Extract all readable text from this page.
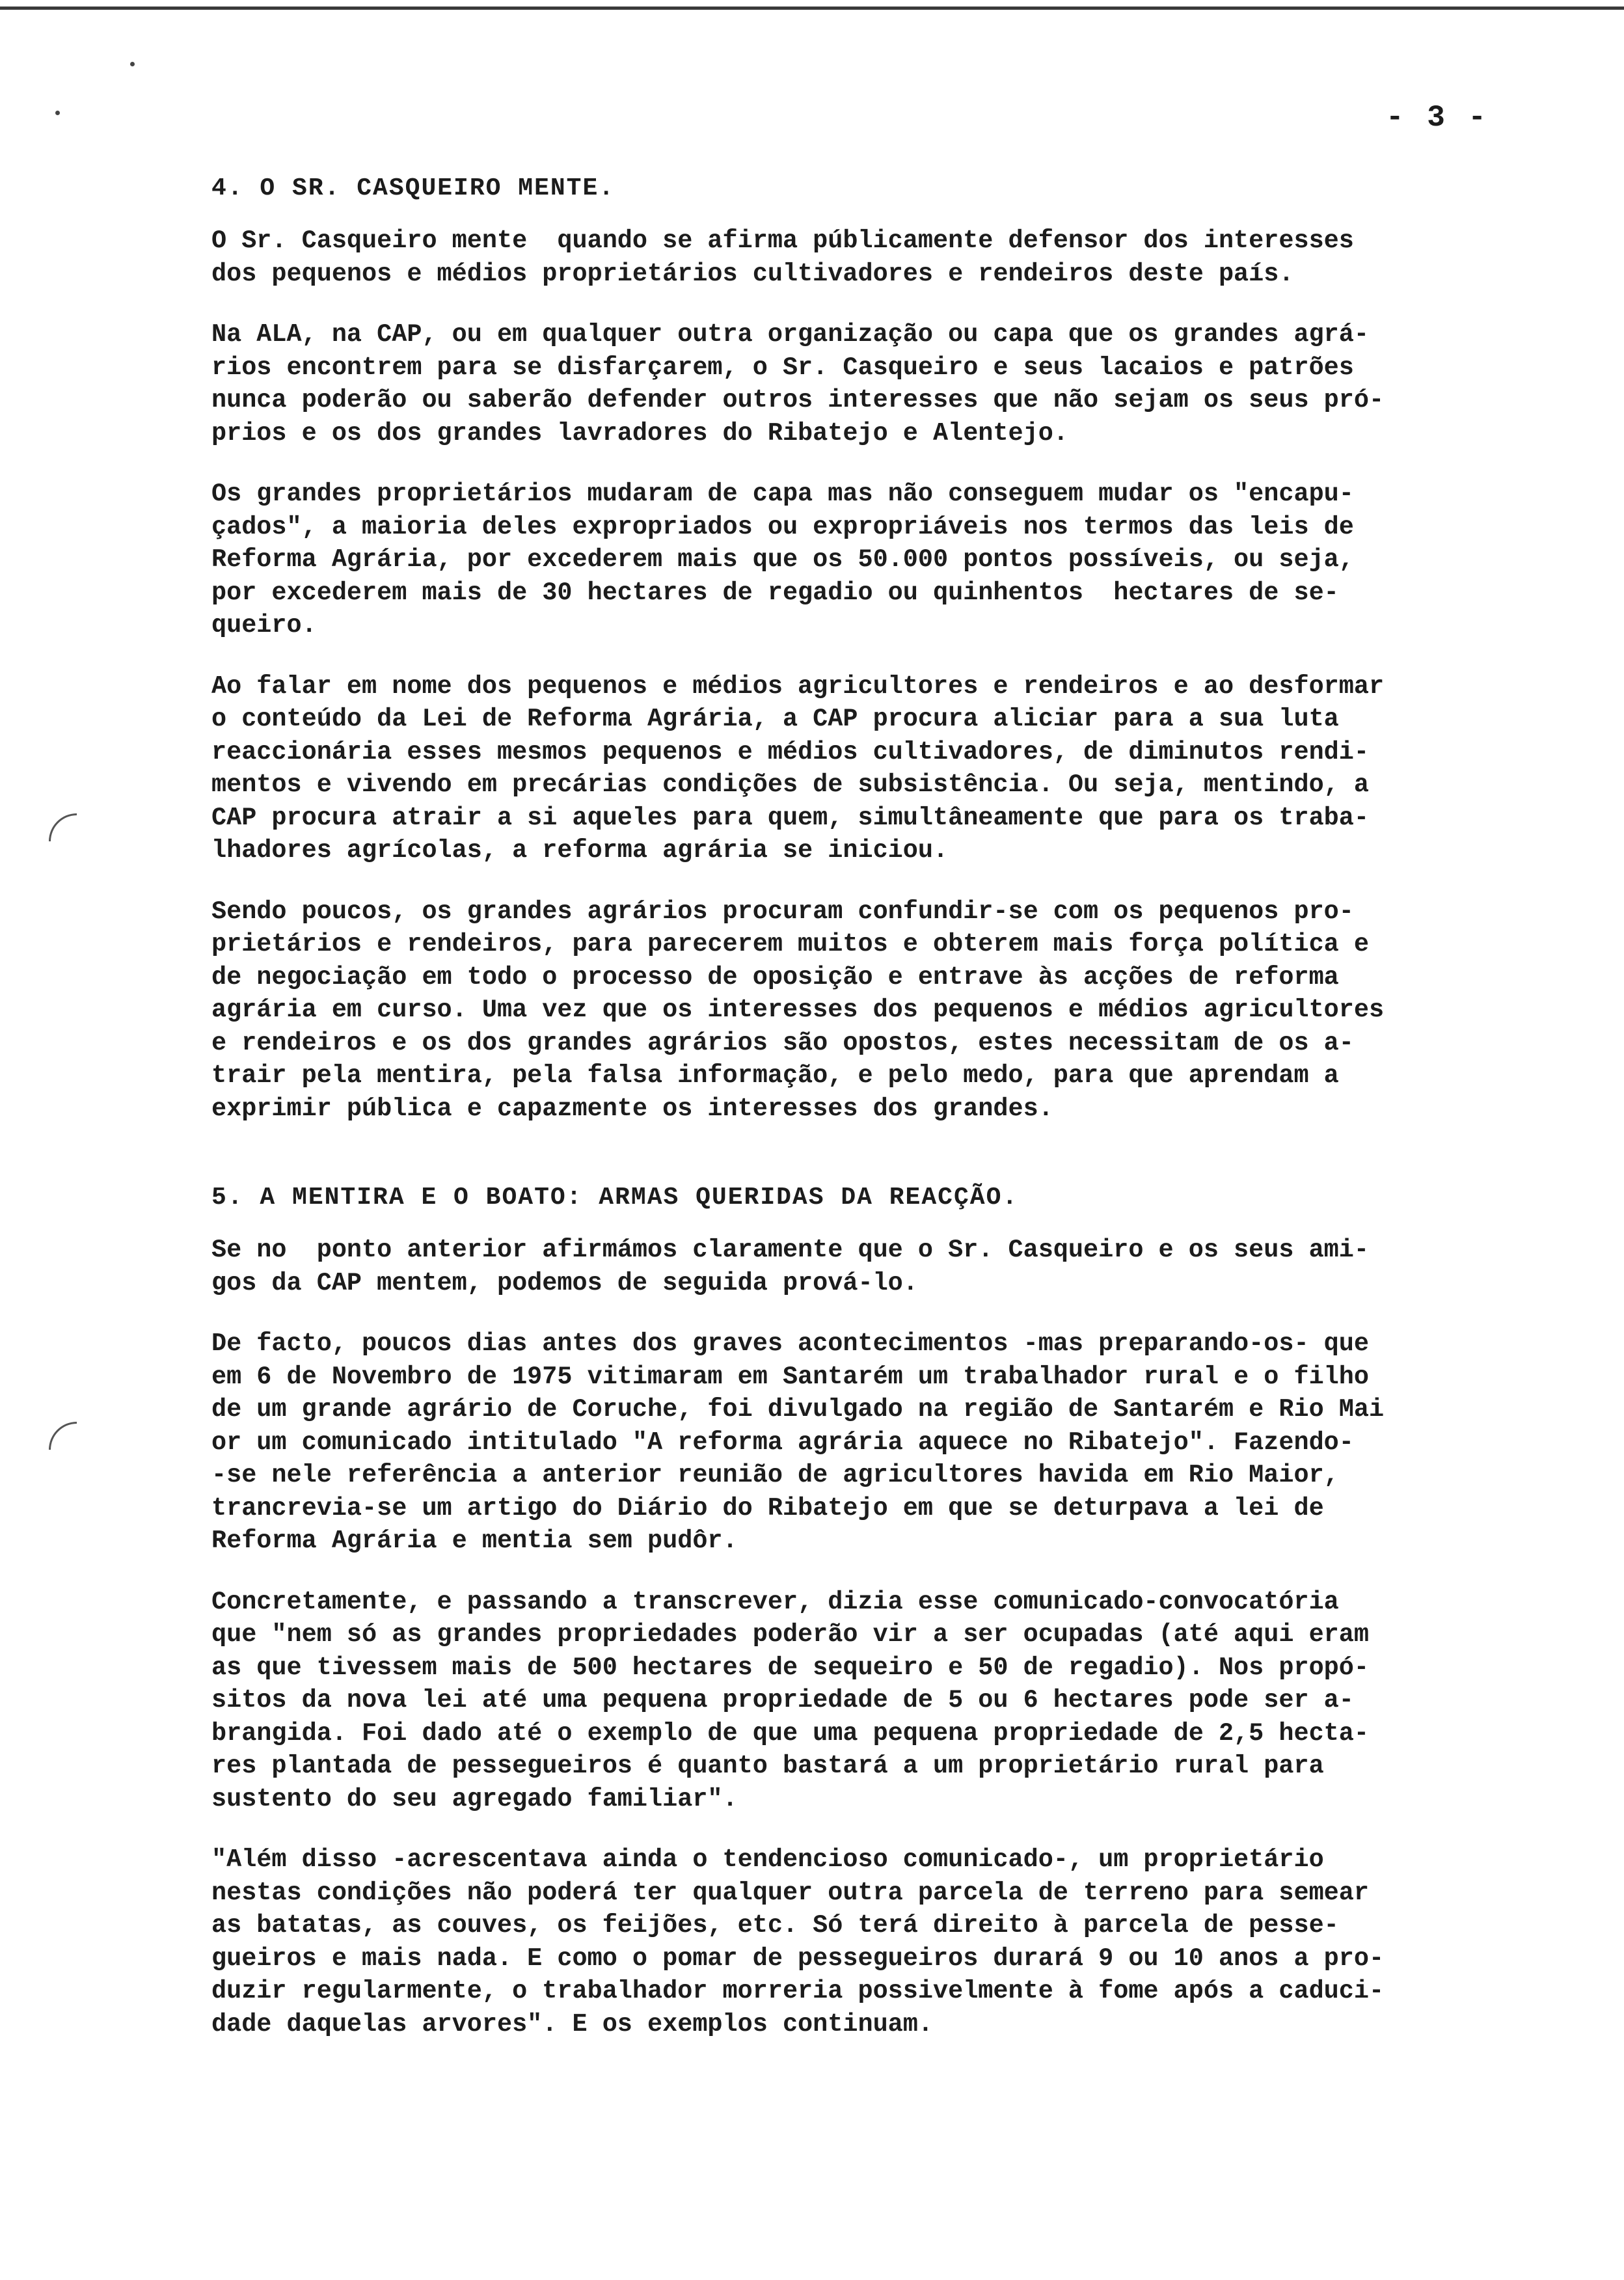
- 3 -
4. O SR. CASQUEIRO MENTE.
O Sr. Casqueiro mente  quando se afirma públicamente defensor dos interesses
dos pequenos e médios proprietários cultivadores e rendeiros deste país.
Na ALA, na CAP, ou em qualquer outra organização ou capa que os grandes agrá-
rios encontrem para se disfarçarem, o Sr. Casqueiro e seus lacaios e patrões
nunca poderão ou saberão defender outros interesses que não sejam os seus pró-
prios e os dos grandes lavradores do Ribatejo e Alentejo.
Os grandes proprietários mudaram de capa mas não conseguem mudar os "encapu-
çados", a maioria deles expropriados ou expropriáveis nos termos das leis de
Reforma Agrária, por excederem mais que os 50.000 pontos possíveis, ou seja,
por excederem mais de 30 hectares de regadio ou quinhentos  hectares de se-
queiro.
Ao falar em nome dos pequenos e médios agricultores e rendeiros e ao desformar
o conteúdo da Lei de Reforma Agrária, a CAP procura aliciar para a sua luta
reaccionária esses mesmos pequenos e médios cultivadores, de diminutos rendi-
mentos e vivendo em precárias condições de subsistência. Ou seja, mentindo, a
CAP procura atrair a si aqueles para quem, simultâneamente que para os traba-
lhadores agrícolas, a reforma agrária se iniciou.
Sendo poucos, os grandes agrários procuram confundir-se com os pequenos pro-
prietários e rendeiros, para parecerem muitos e obterem mais força política e
de negociação em todo o processo de oposição e entrave às acções de reforma
agrária em curso. Uma vez que os interesses dos pequenos e médios agricultores
e rendeiros e os dos grandes agrários são opostos, estes necessitam de os a-
trair pela mentira, pela falsa informação, e pelo medo, para que aprendam a
exprimir pública e capazmente os interesses dos grandes.
5. A MENTIRA E O BOATO: ARMAS QUERIDAS DA REACÇÃO.
Se no  ponto anterior afirmámos claramente que o Sr. Casqueiro e os seus ami-
gos da CAP mentem, podemos de seguida prová-lo.
De facto, poucos dias antes dos graves acontecimentos -mas preparando-os- que
em 6 de Novembro de 1975 vitimaram em Santarém um trabalhador rural e o filho
de um grande agrário de Coruche, foi divulgado na região de Santarém e Rio Mai
or um comunicado intitulado "A reforma agrária aquece no Ribatejo". Fazendo-
-se nele referência a anterior reunião de agricultores havida em Rio Maior,
trancrevia-se um artigo do Diário do Ribatejo em que se deturpava a lei de
Reforma Agrária e mentia sem pudôr.
Concretamente, e passando a transcrever, dizia esse comunicado-convocatória
que "nem só as grandes propriedades poderão vir a ser ocupadas (até aqui eram
as que tivessem mais de 500 hectares de sequeiro e 50 de regadio). Nos propó-
sitos da nova lei até uma pequena propriedade de 5 ou 6 hectares pode ser a-
brangida. Foi dado até o exemplo de que uma pequena propriedade de 2,5 hecta-
res plantada de pessegueiros é quanto bastará a um proprietário rural para
sustento do seu agregado familiar".
"Além disso -acrescentava ainda o tendencioso comunicado-, um proprietário
nestas condições não poderá ter qualquer outra parcela de terreno para semear
as batatas, as couves, os feijões, etc. Só terá direito à parcela de pesse-
gueiros e mais nada. E como o pomar de pessegueiros durará 9 ou 10 anos a pro-
duzir regularmente, o trabalhador morreria possivelmente à fome após a caduci-
dade daquelas arvores". E os exemplos continuam.
